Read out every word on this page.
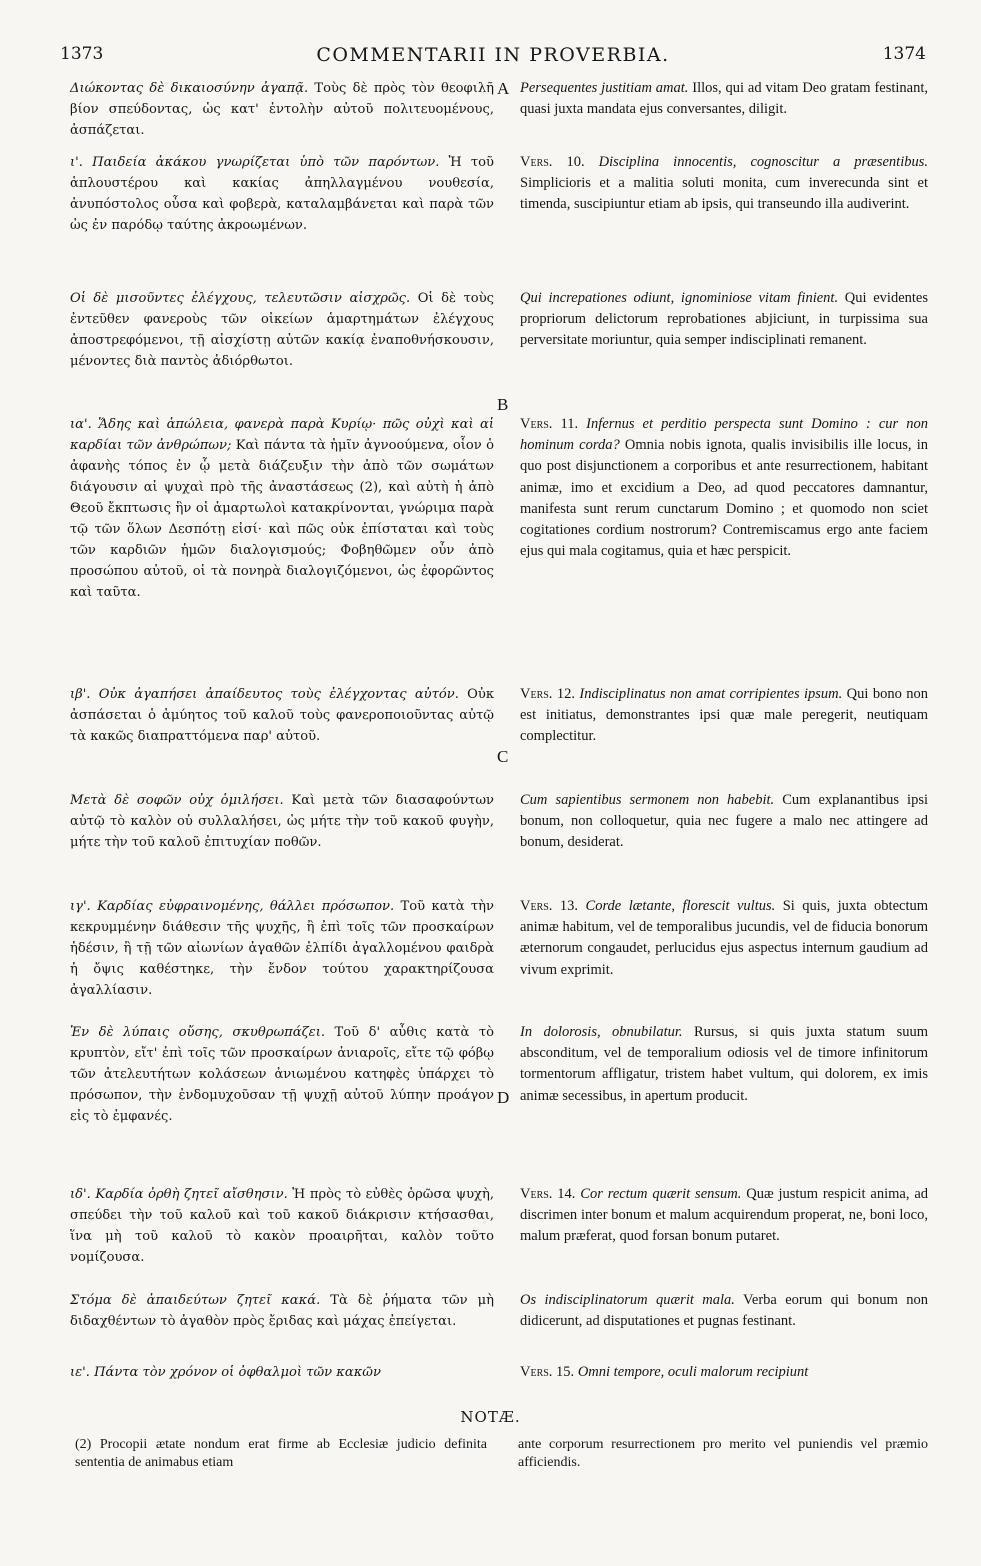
1373	COMMENTARII IN PROVERBIA.	1374
Διώκοντας δὲ δικαιοσύνην ἀγαπᾷ. Τοὺς δὲ πρὸς τὸν θεοφιλῆ βίον σπεύδοντας, ὡς κατ' ἐντολὴν αὐτοῦ πολιτευομένους, ἀσπάζεται.
ι'. Παιδεία ἀκάκου γνωρίζεται ὑπὸ τῶν παρόντων. Ἡ τοῦ ἁπλουστέρου καὶ κακίας ἀπηλλαγμένου νουθεσία, ἀνυπόστολος οὖσα καὶ φοβερὰ, καταλαμβάνεται καὶ παρὰ τῶν ὡς ἐν παρόδῳ ταύτης ἀκροωμένων.
Οἱ δὲ μισοῦντες ἐλέγχους, τελευτῶσιν αἰσχρῶς. Οἱ δὲ τοὺς ἐντεῦθεν φανεροὺς τῶν οἰκείων ἁμαρτημάτων ἐλέγχους ἀποστρεφόμενοι, τῇ αἰσχίστῃ αὐτῶν κακίᾳ ἐναποθνήσκουσιν, μένοντες διὰ παντὸς ἀδιόρθωτοι.
ια'. Ἅδης καὶ ἀπώλεια, φανερὰ παρὰ Κυρίῳ· πῶς οὐχὶ καὶ αἱ καρδίαι τῶν ἀνθρώπων; Καὶ πάντα τὰ ἡμῖν ἀγνοούμενα, οἷον ὁ ἀφανὴς τόπος ἐν ᾧ μετὰ διάζευξιν τὴν ἀπὸ τῶν σωμάτων διάγουσιν αἱ ψυχαὶ πρὸ τῆς ἀναστάσεως (2), καὶ αὐτὴ ἡ ἀπὸ Θεοῦ ἔκπτωσις ἣν οἱ ἁμαρτωλοὶ κατακρίνονται, γνώριμα παρὰ τῷ τῶν ὅλων Δεσπότῃ εἰσί· καὶ πῶς οὐκ ἐπίσταται καὶ τοὺς τῶν καρδιῶν ἡμῶν διαλογισμούς; Φοβηθῶμεν οὖν ἀπὸ προσώπου αὐτοῦ, οἱ τὰ πονηρὰ διαλογιζόμενοι, ὡς ἐφορῶντος καὶ ταῦτα.
ιβ'. Οὐκ ἀγαπήσει ἀπαίδευτος τοὺς ἐλέγχοντας αὐτόν. Οὐκ ἀσπάσεται ὁ ἀμύητος τοῦ καλοῦ τοὺς φανεροποιοῦντας αὐτῷ τὰ κακῶς διαπραττόμενα παρ' αὐτοῦ.
Μετὰ δὲ σοφῶν οὐχ ὁμιλήσει. Καὶ μετὰ τῶν διασαφούντων αὐτῷ τὸ καλὸν οὐ συλλαλήσει, ὡς μήτε τὴν τοῦ κακοῦ φυγὴν, μήτε τὴν τοῦ καλοῦ ἐπιτυχίαν ποθῶν.
ιγ'. Καρδίας εὐφραινομένης, θάλλει πρόσωπον. Τοῦ κατὰ τὴν κεκρυμμένην διάθεσιν τῆς ψυχῆς, ἢ ἐπὶ τοῖς τῶν προσκαίρων ἡδέσιν, ἢ τῇ τῶν αἰωνίων ἀγαθῶν ἐλπίδι ἀγαλλομένου φαιδρὰ ἡ ὄψις καθέστηκε, τὴν ἔνδον τούτου χαρακτηρίζουσα ἀγαλλίασιν.
Ἐν δὲ λύπαις οὔσης, σκυθρωπάζει. Τοῦ δ' αὖθις κατὰ τὸ κρυπτὸν, εἴτ' ἐπὶ τοῖς τῶν προσκαίρων ἀνιαροῖς, εἴτε τῷ φόβῳ τῶν ἀτελευτήτων κολάσεων ἀνιωμένου κατηφὲς ὑπάρχει τὸ πρόσωπον, τὴν ἐνδομυχοῦσαν τῇ ψυχῇ αὐτοῦ λύπην προάγον εἰς τὸ ἐμφανές.
ιδ'. Καρδία ὀρθὴ ζητεῖ αἴσθησιν. Ἡ πρὸς τὸ εὐθὲς ὁρῶσα ψυχὴ, σπεύδει τὴν τοῦ καλοῦ καὶ τοῦ κακοῦ διάκρισιν κτήσασθαι, ἵνα μὴ τοῦ καλοῦ τὸ κακὸν προαιρῆται, καλὸν τοῦτο νομίζουσα.
Στόμα δὲ ἀπαιδεύτων ζητεῖ κακά. Τὰ δὲ ῥήματα τῶν μὴ διδαχθέντων τὸ ἀγαθὸν πρὸς ἔριδας καὶ μάχας ἐπείγεται.
ιε'. Πάντα τὸν χρόνον οἱ ὀφθαλμοὶ τῶν κακῶν
A
B
C
D
Persequentes justitiam amat. Illos, qui ad vitam Deo gratam festinant, quasi juxta mandata ejus conversantes, diligit.
Vers. 10. Disciplina innocentis, cognoscitur a præsentibus. Simplicioris et a malitia soluti monita, cum inverecunda sint et timenda, suscipiuntur etiam ab ipsis, qui transeundo illa audiverint.
Qui increpationes odiunt, ignominiose vitam finient. Qui evidentes propriorum delictorum reprobationes abjiciunt, in turpissima sua perversitate moriuntur, quia semper indisciplinati remanent.
Vers. 11. Infernus et perditio perspecta sunt Domino : cur non hominum corda? Omnia nobis ignota, qualis invisibilis ille locus, in quo post disjunctionem a corporibus et ante resurrectionem, habitant animæ, imo et excidium a Deo, ad quod peccatores damnantur, manifesta sunt rerum cunctarum Domino ; et quomodo non sciet cogitationes cordium nostrorum? Contremiscamus ergo ante faciem ejus qui mala cogitamus, quia et hæc perspicit.
Vers. 12. Indisciplinatus non amat corripientes ipsum. Qui bono non est initiatus, demonstrantes ipsi quæ male peregerit, neutiquam complectitur.
Cum sapientibus sermonem non habebit. Cum explanantibus ipsi bonum, non colloquetur, quia nec fugere a malo nec attingere ad bonum, desiderat.
Vers. 13. Corde lætante, florescit vultus. Si quis, juxta obtectum animæ habitum, vel de temporalibus jucundis, vel de fiducia bonorum æternorum congaudet, perlucidus ejus aspectus internum gaudium ad vivum exprimit.
In dolorosis, obnubilatur. Rursus, si quis juxta statum suum absconditum, vel de temporalium odiosis vel de timore infinitorum tormentorum affligatur, tristem habet vultum, qui dolorem, ex imis animæ secessibus, in apertum producit.
Vers. 14. Cor rectum quærit sensum. Quæ justum respicit anima, ad discrimen inter bonum et malum acquirendum properat, ne, boni loco, malum præferat, quod forsan bonum putaret.
Os indisciplinatorum quærit mala. Verba eorum qui bonum non didicerunt, ad disputationes et pugnas festinant.
Vers. 15. Omni tempore, oculi malorum recipiunt
NOTÆ.
(2) Procopii ætate nondum erat firme ab Ecclesiæ judicio definita sententia de animabus etiam
ante corporum resurrectionem pro merito vel puniendis vel præmio afficiendis.
